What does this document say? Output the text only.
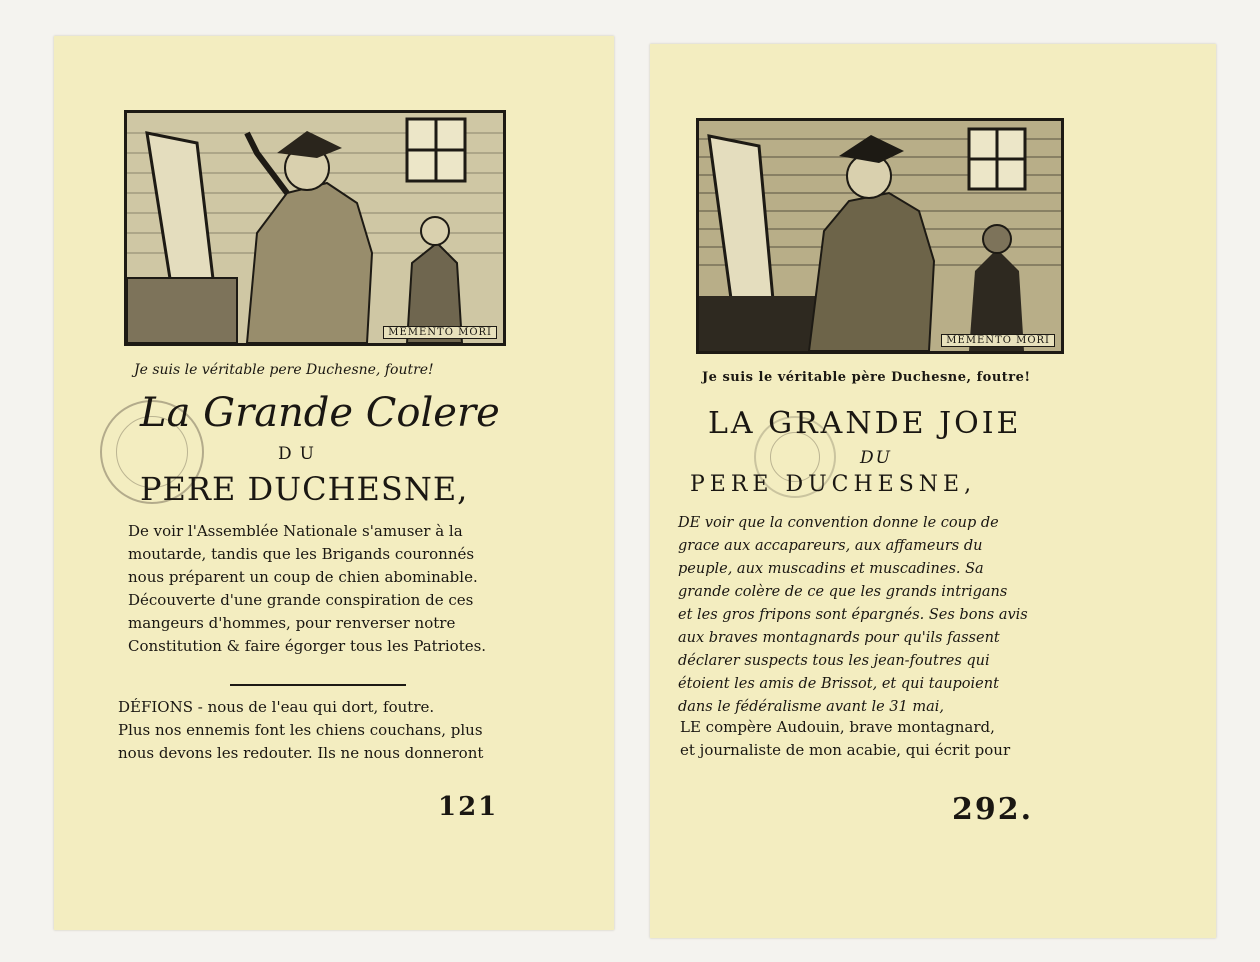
MEMENTO MORI
Je suis le véritable pere Duchesne, foutre!
La Grande Colere
DU
PERE DUCHESNE,
De voir l'Assemblée Nationale s'amuser à la
moutarde, tandis que les Brigands couronnés
nous préparent un coup de chien abominable.
Découverte d'une grande conspiration de ces
mangeurs d'hommes, pour renverser notre
Constitution & faire égorger tous les Patriotes.
DÉFIONS - nous de l'eau qui dort, foutre.
Plus nos ennemis font les chiens couchans, plus
nous devons les redouter. Ils ne nous donneront
121
MEMENTO MORI
Je suis le véritable père Duchesne, foutre!
LA GRANDE JOIE
DU
PERE DUCHESNE,
DE voir que la convention donne le coup de
grace aux accapareurs, aux affameurs du
peuple, aux muscadins et muscadines. Sa
grande colère de ce que les grands intrigans
et les gros fripons sont épargnés. Ses bons avis
aux braves montagnards pour qu'ils fassent
déclarer suspects tous les jean-foutres qui
étoient les amis de Brissot, et qui taupoient
dans le fédéralisme avant le 31 mai,
LE compère Audouin, brave montagnard,
et journaliste de mon acabie, qui écrit pour
292.
